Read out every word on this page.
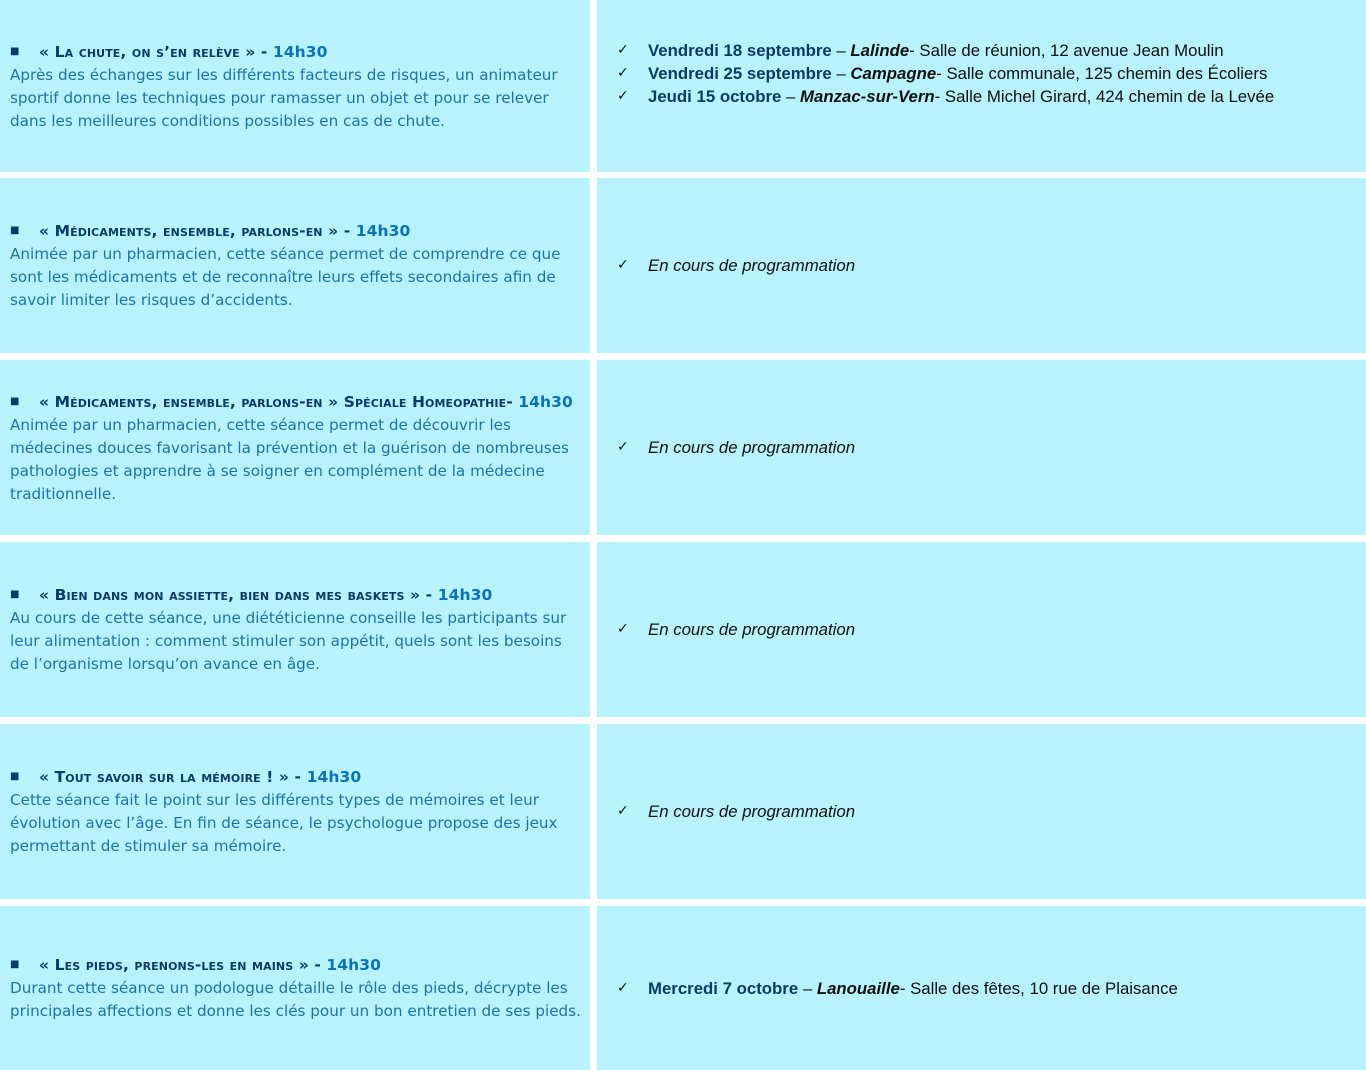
■	« La chute, on s’en relève » - 14h30

Après des échanges sur les différents facteurs de risques, un animateur sportif donne les techniques pour ramasser un objet et pour se relever dans les meilleures conditions possibles en cas de chute.

✓	Vendredi 18 septembre – Lalinde- Salle de réunion, 12 avenue Jean Moulin
✓	Vendredi 25 septembre – Campagne- Salle communale, 125 chemin des Écoliers
✓	Jeudi 15 octobre – Manzac-sur-Vern- Salle Michel Girard, 424 chemin de la Levée
■	« Médicaments, ensemble, parlons-en » - 14h30

Animée par un pharmacien, cette séance permet de comprendre ce que sont les médicaments et de reconnaître leurs effets secondaires afin de savoir limiter les risques d’accidents.

✓	En cours de programmation
■	« Médicaments, ensemble, parlons-en » Spéciale Homeopathie- 14h30

Animée par un pharmacien, cette séance permet de découvrir les médecines douces favorisant la prévention et la guérison de nombreuses pathologies et apprendre à se soigner en complément de la médecine traditionnelle.

✓	En cours de programmation
■	« Bien dans mon assiette, bien dans mes baskets » - 14h30

Au cours de cette séance, une diététicienne conseille les participants sur leur alimentation : comment stimuler son appétit, quels sont les besoins de l’organisme lorsqu’on avance en âge.

✓	En cours de programmation
■	« Tout savoir sur la mémoire ! » - 14h30

Cette séance fait le point sur les différents types de mémoires et leur évolution avec l’âge. En fin de séance, le psychologue propose des jeux permettant de stimuler sa mémoire.

✓	En cours de programmation
■	« Les pieds, prenons-les en mains » - 14h30

Durant cette séance un podologue détaille le rôle des pieds, décrypte les principales affections et donne les clés pour un bon entretien de ses pieds.

✓	Mercredi 7 octobre – Lanouaille- Salle des fêtes, 10 rue de Plaisance
